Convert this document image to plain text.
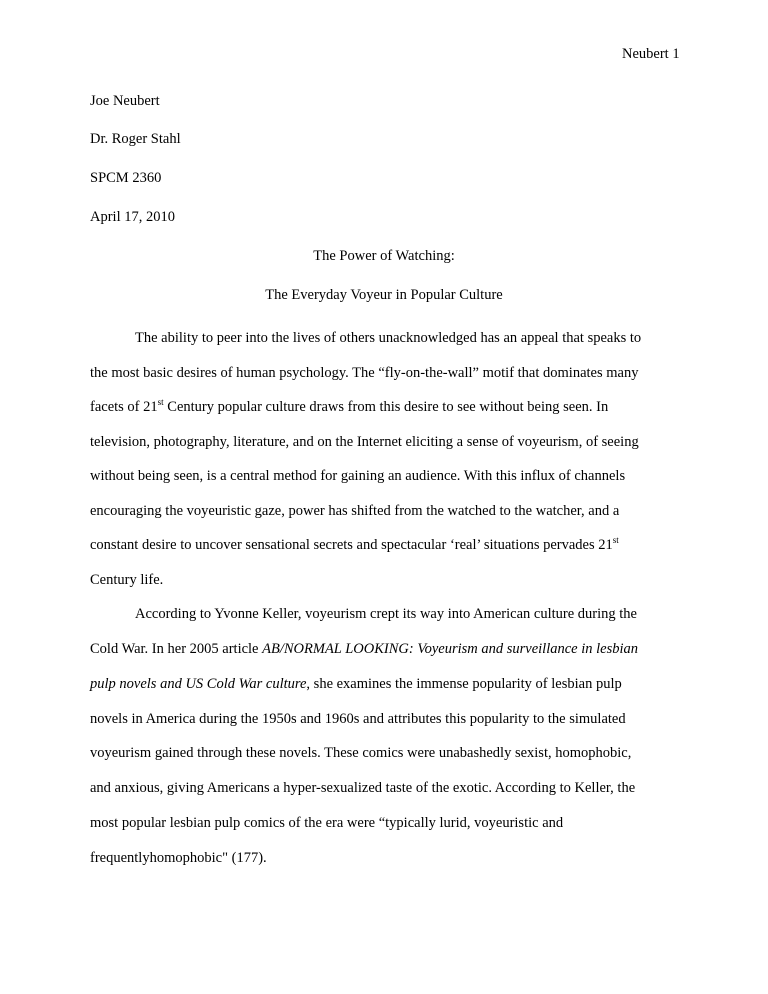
Neubert 1
Joe Neubert
Dr. Roger Stahl
SPCM 2360
April 17, 2010
The Power of Watching:
The Everyday Voyeur in Popular Culture
The ability to peer into the lives of others unacknowledged has an appeal that speaks to
the most basic desires of human psychology. The “fly-on-the-wall” motif that dominates many
facets of 21st Century popular culture draws from this desire to see without being seen. In
television, photography, literature, and on the Internet eliciting a sense of voyeurism, of seeing
without being seen, is a central method for gaining an audience. With this influx of channels
encouraging the voyeuristic gaze, power has shifted from the watched to the watcher, and a
constant desire to uncover sensational secrets and spectacular ‘real’ situations pervades 21st
Century life.
According to Yvonne Keller, voyeurism crept its way into American culture during the
Cold War. In her 2005 article AB/NORMAL LOOKING: Voyeurism and surveillance in lesbian
pulp novels and US Cold War culture, she examines the immense popularity of lesbian pulp
novels in America during the 1950s and 1960s and attributes this popularity to the simulated
voyeurism gained through these novels. These comics were unabashedly sexist, homophobic,
and anxious, giving Americans a hyper-sexualized taste of the exotic. According to Keller, the
most popular lesbian pulp comics of the era were “typically lurid, voyeuristic and
frequentlyhomophobic" (177).
